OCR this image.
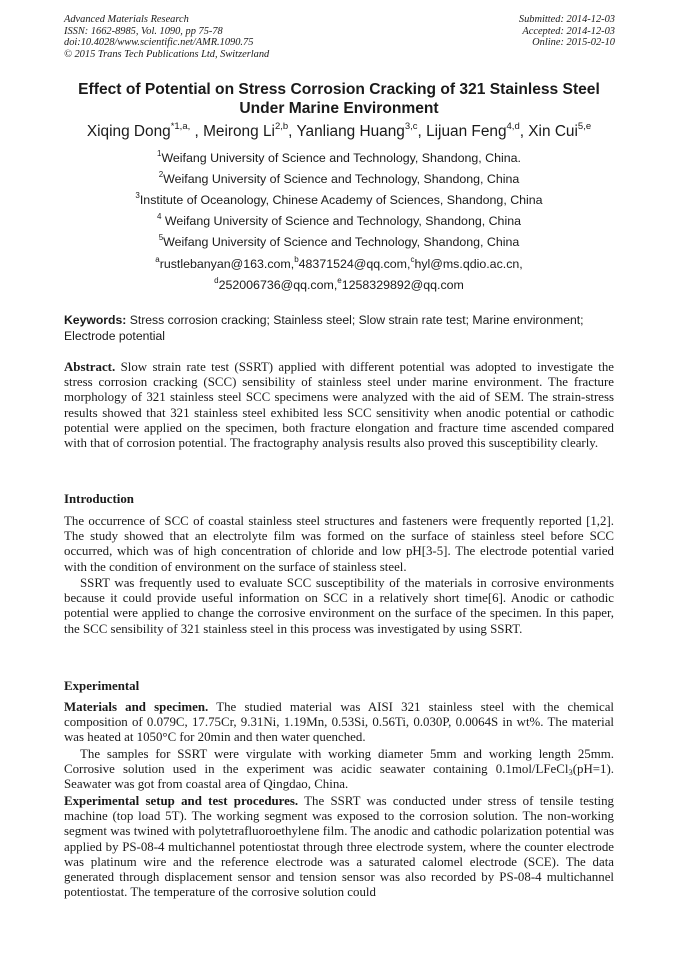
Advanced Materials Research
ISSN: 1662-8985, Vol. 1090, pp 75-78
doi:10.4028/www.scientific.net/AMR.1090.75
© 2015 Trans Tech Publications Ltd, Switzerland
Submitted: 2014-12-03
Accepted: 2014-12-03
Online: 2015-02-10
Effect of Potential on Stress Corrosion Cracking of 321 Stainless Steel
Under Marine Environment
Xiqing Dong$^{*1,a,}$ , Meirong Li$^{2,b}$, Yanliang Huang$^{3,c}$, Lijuan Feng$^{4,d}$, Xin Cui$^{5,e}$
$^1$Weifang University of Science and Technology, Shandong, China.
$^2$Weifang University of Science and Technology, Shandong, China
$^3$Institute of Oceanology, Chinese Academy of Sciences, Shandong, China
$^4$ Weifang University of Science and Technology, Shandong, China
$^5$Weifang University of Science and Technology, Shandong, China
$^a$rustlebanyan@163.com,$^b$48371524@qq.com,$^c$hyl@ms.qdio.ac.cn,
$^d$252006736@qq.com,$^e$1258329892@qq.com
Keywords: Stress corrosion cracking; Stainless steel; Slow strain rate test; Marine environment; Electrode potential
Abstract. Slow strain rate test (SSRT) applied with different potential was adopted to investigate the stress corrosion cracking (SCC) sensibility of stainless steel under marine environment. The fracture morphology of 321 stainless steel SCC specimens were analyzed with the aid of SEM. The strain-stress results showed that 321 stainless steel exhibited less SCC sensitivity when anodic potential or cathodic potential were applied on the specimen, both fracture elongation and fracture time ascended compared with that of corrosion potential. The fractography analysis results also proved this susceptibility clearly.
Introduction
The occurrence of SCC of coastal stainless steel structures and fasteners were frequently reported [1,2]. The study showed that an electrolyte film was formed on the surface of stainless steel before SCC occurred, which was of high concentration of chloride and low pH[3-5]. The electrode potential varied with the condition of environment on the surface of stainless steel.
SSRT was frequently used to evaluate SCC susceptibility of the materials in corrosive environments because it could provide useful information on SCC in a relatively short time[6]. Anodic or cathodic potential were applied to change the corrosive environment on the surface of the specimen. In this paper, the SCC sensibility of 321 stainless steel in this process was investigated by using SSRT.
Experimental
Materials and specimen. The studied material was AISI 321 stainless steel with the chemical composition of 0.079C, 17.75Cr, 9.31Ni, 1.19Mn, 0.53Si, 0.56Ti, 0.030P, 0.0064S in wt%. The material was heated at 1050°C for 20min and then water quenched.
The samples for SSRT were virgulate with working diameter 5mm and working length 25mm. Corrosive solution used in the experiment was acidic seawater containing 0.1mol/LFeCl$_3$(pH=1). Seawater was got from coastal area of Qingdao, China.
Experimental setup and test procedures. The SSRT was conducted under stress of tensile testing machine (top load 5T). The working segment was exposed to the corrosion solution. The non-working segment was twined with polytetrafluoroethylene film. The anodic and cathodic polarization potential was applied by PS-08-4 multichannel potentiostat through three electrode system, where the counter electrode was platinum wire and the reference electrode was a saturated calomel electrode (SCE). The data generated through displacement sensor and tension sensor was also recorded by PS-08-4 multichannel potentiostat. The temperature of the corrosive solution could
